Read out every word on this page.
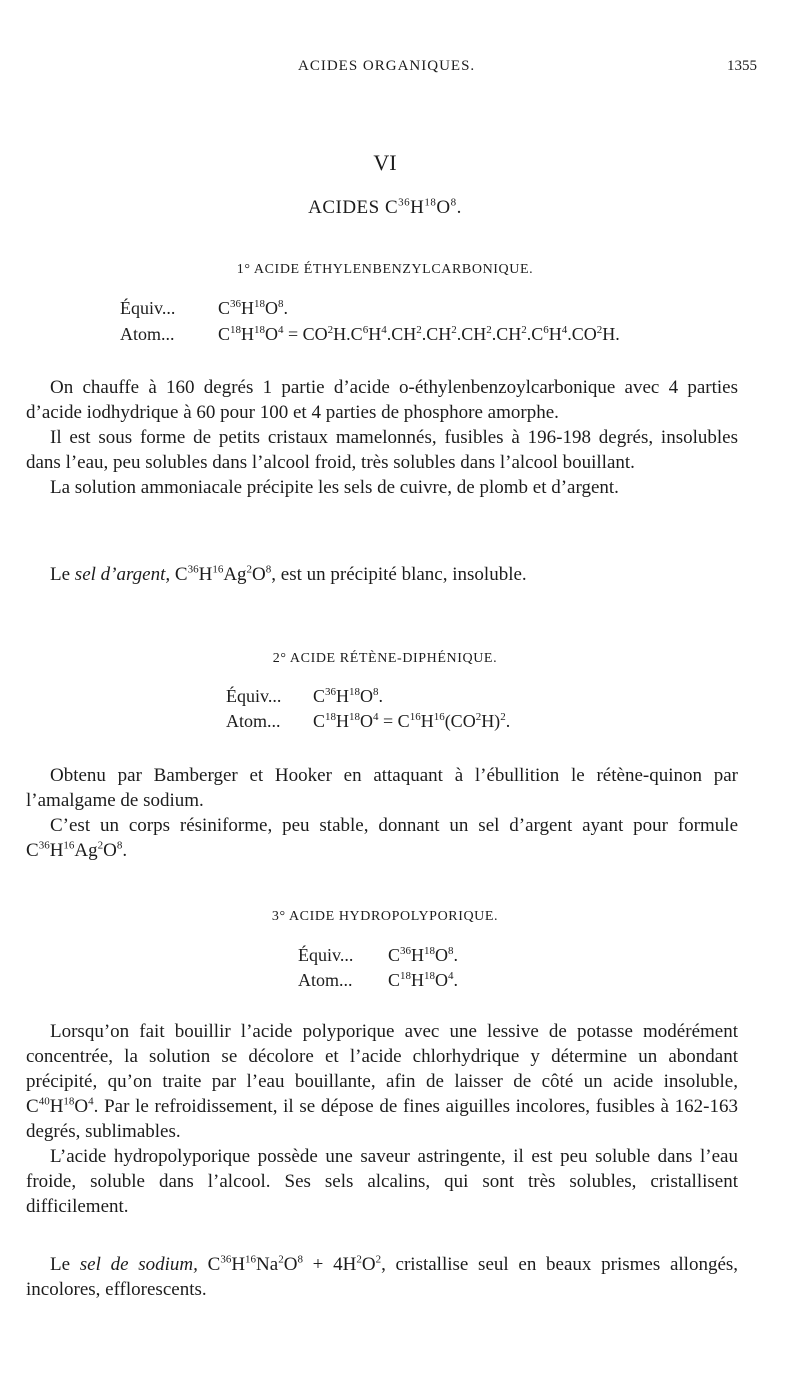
ACIDES ORGANIQUES.	1355
VI
ACIDES $C^{36}H^{18}O^8$.
1° ACIDE ÉTHYLENBENZYLCARBONIQUE.
Équiv... $C^{36}H^{18}O^8$.
Atom... $C^{18}H^{18}O^4 = CO^2H.C^6H^4.CH^2.CH^2.CH^2.CH^2.C^6H^4.CO^2H$.

On chauffe à 160 degrés 1 partie d’acide o-éthylenbenzoylcarbonique avec 4 parties d’acide iodhydrique à 60 pour 100 et 4 parties de phosphore amorphe.

Il est sous forme de petits cristaux mamelonnés, fusibles à 196-198 degrés, insolubles dans l’eau, peu solubles dans l’alcool froid, très solubles dans l’alcool bouillant.

La solution ammoniacale précipite les sels de cuivre, de plomb et d’argent.

Le sel d’argent, $C^{36}H^{16}Ag^2O^8$, est un précipité blanc, insoluble.

2° ACIDE RÉTÈNE-DIPHÉNIQUE.
Équiv... $C^{36}H^{18}O^8$.
Atom... $C^{18}H^{18}O^4 = C^{16}H^{16}(CO^2H)^2$.

Obtenu par Bamberger et Hooker en attaquant à l’ébullition le rétène-quinon par l’amalgame de sodium.

C’est un corps résiniforme, peu stable, donnant un sel d’argent ayant pour formule $C^{36}H^{16}Ag^2O^8$.

3° ACIDE HYDROPOLYPORIQUE.
Équiv... $C^{36}H^{18}O^8$.
Atom... $C^{18}H^{18}O^4$.

Lorsqu’on fait bouillir l’acide polyporique avec une lessive de potasse modérément concentrée, la solution se décolore et l’acide chlorhydrique y détermine un abondant précipité, qu’on traite par l’eau bouillante, afin de laisser de côté un acide insoluble, $C^{40}H^{18}O^4$. Par le refroidissement, il se dépose de fines aiguilles incolores, fusibles à 162-163 degrés, sublimables.

L’acide hydropolyporique possède une saveur astringente, il est peu soluble dans l’eau froide, soluble dans l’alcool. Ses sels alcalins, qui sont très solubles, cristallisent difficilement.

Le sel de sodium, $C^{36}H^{16}Na^2O^8 + 4H^2O^2$, cristallise seul en beaux prismes allongés, incolores, efflorescents.
